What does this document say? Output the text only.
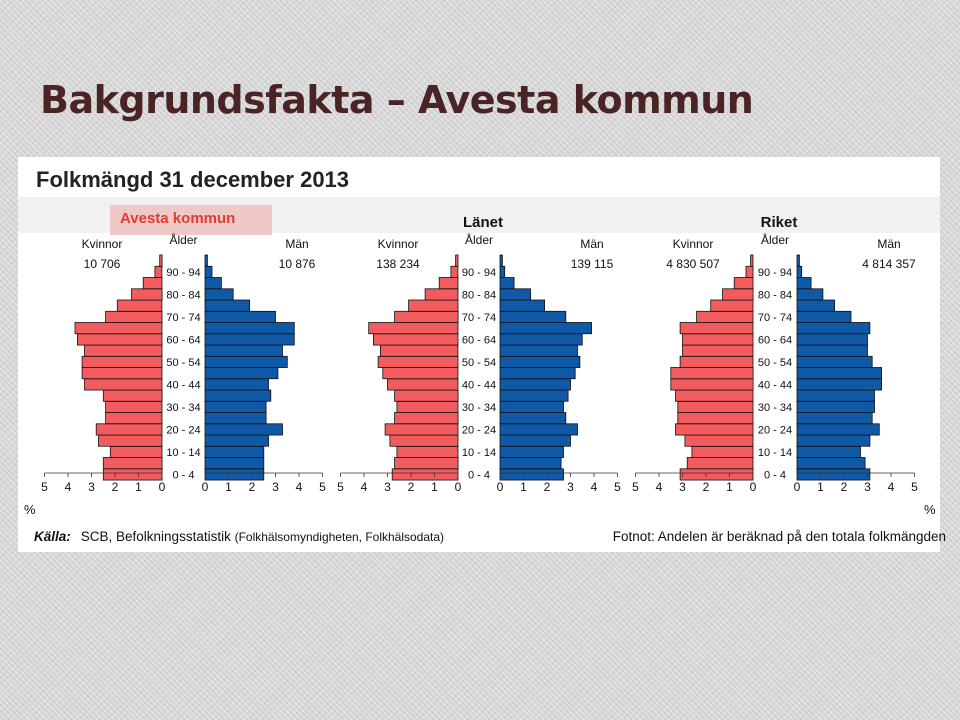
Bakgrundsfakta – Avesta kommun
Folkmängd 31 december 2013
Avesta kommun
5	0
4	1
3	2
2	3
1	4
0	5
0 - 4
10 - 14
20 - 24
30 - 34
40 - 44
50 - 54
60 - 64
70 - 74
80 - 84
90 - 94
Ålder
Kvinnor
10 706
Män
10 876
5	0
4	1
3	2
2	3
1	4
0	5
0 - 4
10 - 14
20 - 24
30 - 34
40 - 44
50 - 54
60 - 64
70 - 74
80 - 84
90 - 94
Ålder
Länet
Kvinnor
138 234
Män
139 115
5	0
4	1
3	2
2	3
1	4
0	5
0 - 4
10 - 14
20 - 24
30 - 34
40 - 44
50 - 54
60 - 64
70 - 74
80 - 84
90 - 94
Ålder
Riket
Kvinnor
4 830 507
Män
4 814 357
%	%
Källa: SCB, Befolkningsstatistik (Folkhälsomyndigheten, Folkhälsodata)	Fotnot: Andelen är beräknad på den totala folkmängden
